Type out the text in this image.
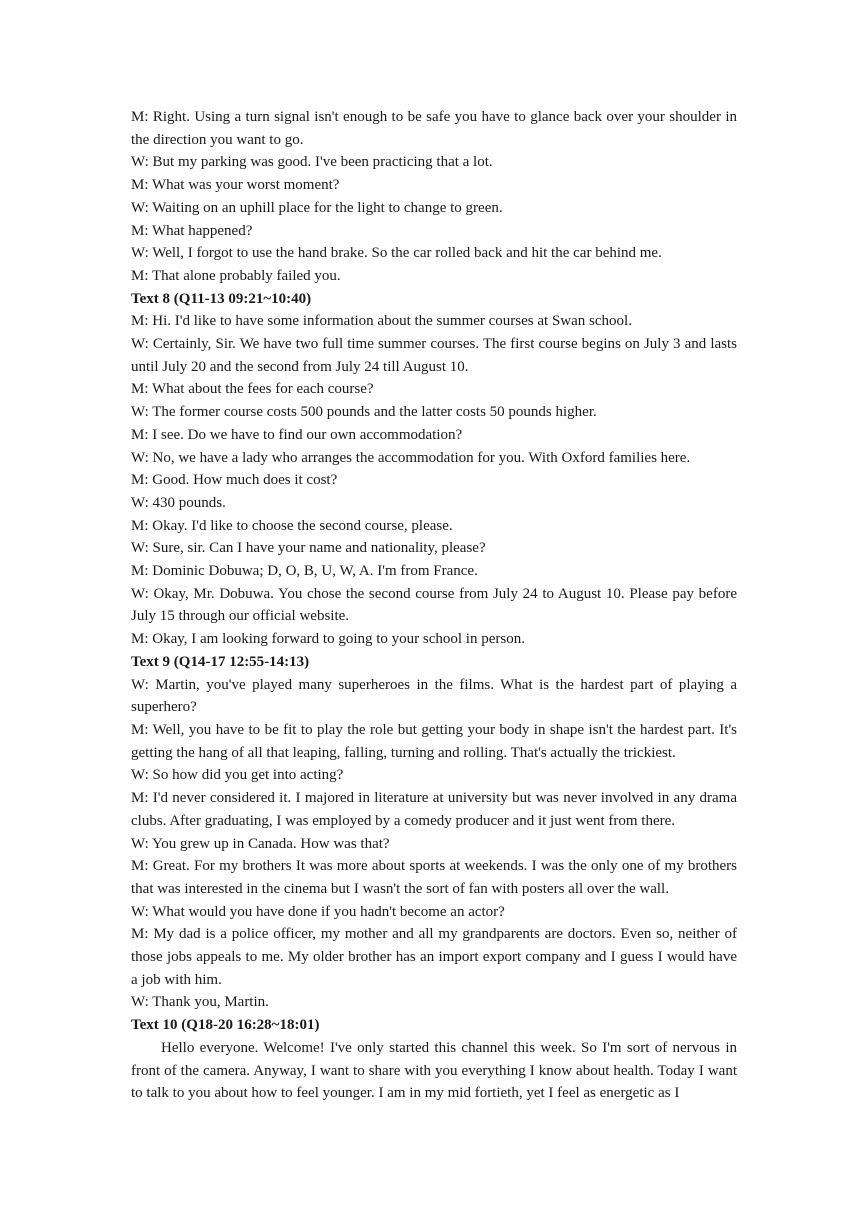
M: Right. Using a turn signal isn't enough to be safe you have to glance back over your shoulder in the direction you want to go.

W: But my parking was good. I've been practicing that a lot.

M: What was your worst moment?

W: Waiting on an uphill place for the light to change to green.

M: What happened?

W: Well, I forgot to use the hand brake. So the car rolled back and hit the car behind me.

M: That alone probably failed you.

Text 8 (Q11-13 09:21~10:40)

M: Hi. I'd like to have some information about the summer courses at Swan school.

W: Certainly, Sir. We have two full time summer courses. The first course begins on July 3 and lasts until July 20 and the second from July 24 till August 10.

M: What about the fees for each course?

W: The former course costs 500 pounds and the latter costs 50 pounds higher.

M: I see. Do we have to find our own accommodation?

W: No, we have a lady who arranges the accommodation for you. With Oxford families here.

M: Good. How much does it cost?

W: 430 pounds.

M: Okay. I'd like to choose the second course, please.

W: Sure, sir. Can I have your name and nationality, please?

M: Dominic Dobuwa; D, O, B, U, W, A. I'm from France.

W: Okay, Mr. Dobuwa. You chose the second course from July 24 to August 10. Please pay before July 15 through our official website.

M: Okay, I am looking forward to going to your school in person.

Text 9 (Q14-17 12:55-14:13)

W: Martin, you've played many superheroes in the films. What is the hardest part of playing a superhero?

M: Well, you have to be fit to play the role but getting your body in shape isn't the hardest part. It's getting the hang of all that leaping, falling, turning and rolling. That's actually the trickiest.

W: So how did you get into acting?

M: I'd never considered it. I majored in literature at university but was never involved in any drama clubs. After graduating, I was employed by a comedy producer and it just went from there.

W: You grew up in Canada. How was that?

M: Great. For my brothers It was more about sports at weekends. I was the only one of my brothers that was interested in the cinema but I wasn't the sort of fan with posters all over the wall.

W: What would you have done if you hadn't become an actor?

M: My dad is a police officer, my mother and all my grandparents are doctors. Even so, neither of those jobs appeals to me. My older brother has an import export company and I guess I would have a job with him.

W: Thank you, Martin.

Text 10 (Q18-20 16:28~18:01)

Hello everyone. Welcome! I've only started this channel this week. So I'm sort of nervous in front of the camera. Anyway, I want to share with you everything I know about health. Today I want to talk to you about how to feel younger. I am in my mid fortieth, yet I feel as energetic as I
